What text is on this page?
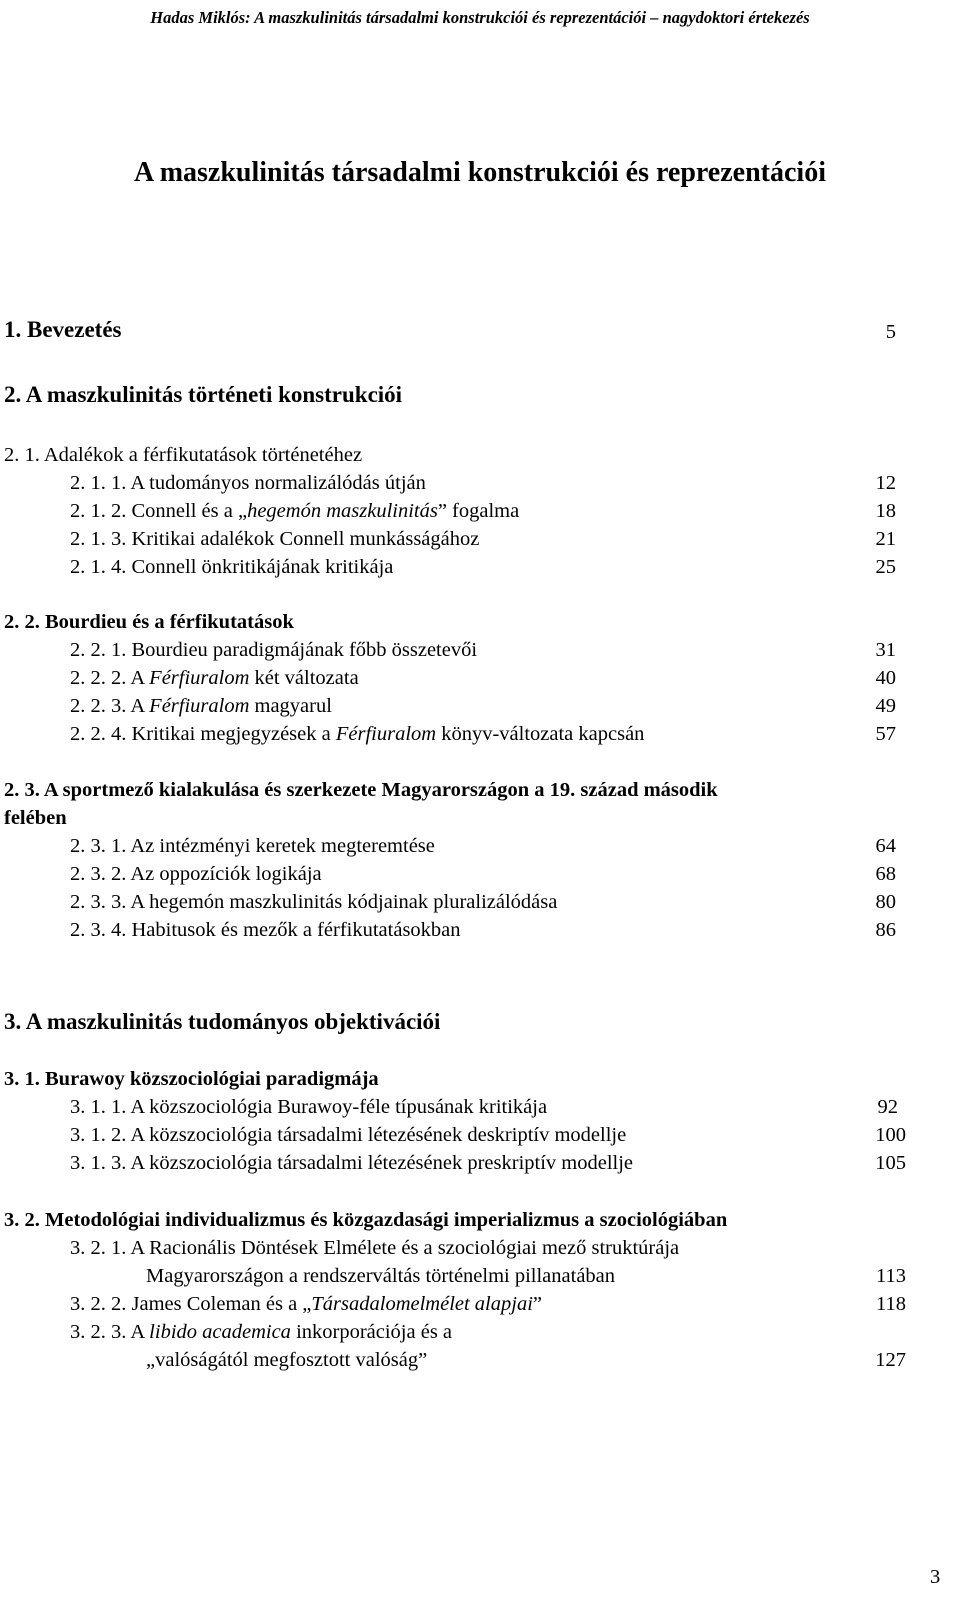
Hadas Miklós: A maszkulinitás társadalmi konstrukciói és reprezentációi – nagydoktori értekezés
A maszkulinitás társadalmi konstrukciói és reprezentációi
1. Bevezetés	5
2. A maszkulinitás történeti konstrukciói
2. 1. Adalékok a férfikutatások történetéhez
2. 1. 1. A tudományos normalizálódás útján	12
2. 1. 2. Connell és a „hegemón maszkulinitás” fogalma	18
2. 1. 3. Kritikai adalékok Connell munkásságához	21
2. 1. 4. Connell önkritikájának kritikája	25
2. 2. Bourdieu és a férfikutatások
2. 2. 1. Bourdieu paradigmájának főbb összetevői	31
2. 2. 2. A Férfiuralom két változata	40
2. 2. 3. A Férfiuralom magyarul	49
2. 2. 4. Kritikai megjegyzések a Férfiuralom könyv-változata kapcsán	57
2. 3. A sportmező kialakulása és szerkezete Magyarországon a 19. század második
felében
2. 3. 1. Az intézményi keretek megteremtése	64
2. 3. 2. Az oppozíciók logikája	68
2. 3. 3. A hegemón maszkulinitás kódjainak pluralizálódása	80
2. 3. 4. Habitusok és mezők a férfikutatásokban	86
3. A maszkulinitás tudományos objektivációi
3. 1. Burawoy közszociológiai paradigmája
3. 1. 1. A közszociológia Burawoy-féle típusának kritikája	92
3. 1. 2. A közszociológia társadalmi létezésének deskriptív modellje	100
3. 1. 3. A közszociológia társadalmi létezésének preskriptív modellje	105
3. 2. Metodológiai individualizmus és közgazdasági imperializmus a szociológiában
3. 2. 1. A Racionális Döntések Elmélete és a szociológiai mező struktúrája
Magyarországon a rendszerváltás történelmi pillanatában	113
3. 2. 2. James Coleman és a „Társadalomelmélet alapjai”	118
3. 2. 3. A libido academica inkorporációja és a
„valóságától megfosztott valóság”	127
3
